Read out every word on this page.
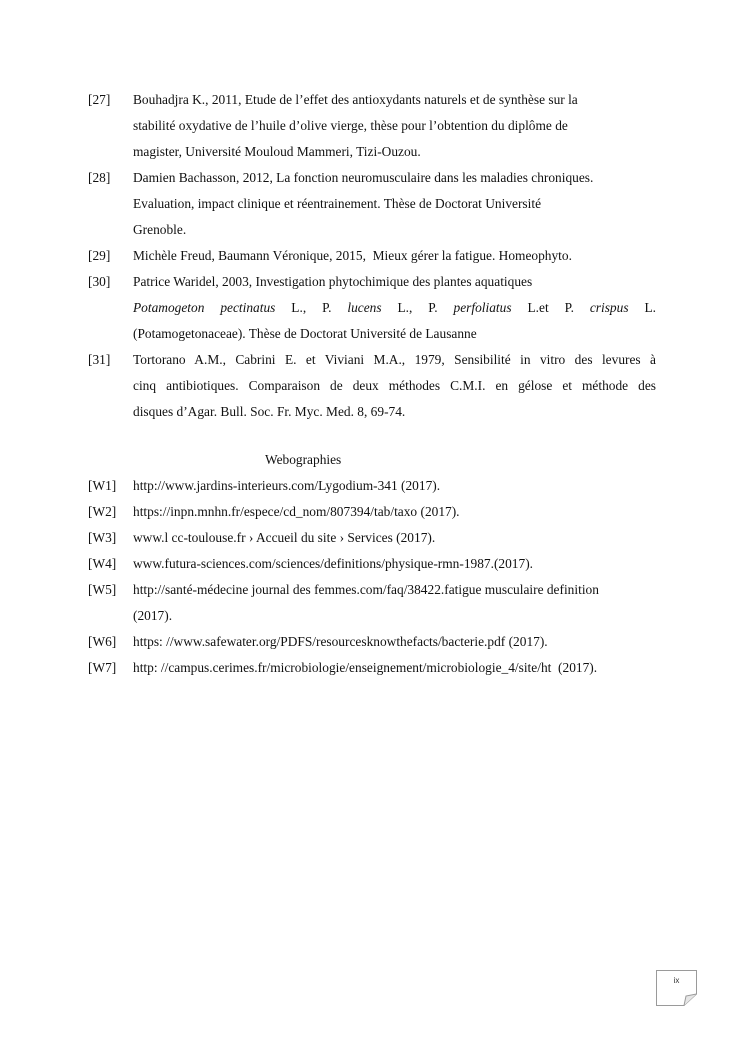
[27]	Bouhadjra K., 2011, Etude de l’effet des antioxydants naturels et de synthèse sur la
stabilité oxydative de l’huile d’olive vierge, thèse pour l’obtention du diplôme de
magister, Université Mouloud Mammeri, Tizi-Ouzou.
[28]	Damien Bachasson, 2012, La fonction neuromusculaire dans les maladies chroniques.
Evaluation, impact clinique et réentrainement. Thèse de Doctorat Université
Grenoble.
[29]	Michèle Freud, Baumann Véronique, 2015,  Mieux gérer la fatigue. Homeophyto.
[30]	Patrice Waridel, 2003, Investigation phytochimique des plantes aquatiques
Potamogeton pectinatus L., P. lucens L., P. perfoliatus L.et P. crispus L.
(Potamogetonaceae). Thèse de Doctorat Université de Lausanne
[31]	Tortorano A.M., Cabrini E. et Viviani M.A., 1979, Sensibilité in vitro des levures à
cinq antibiotiques. Comparaison de deux méthodes C.M.I. en gélose et méthode des
disques d’Agar. Bull. Soc. Fr. Myc. Med. 8, 69-74.
Webographies
[W1]	http://www.jardins-interieurs.com/Lygodium-341 (2017).
[W2]	https://inpn.mnhn.fr/espece/cd_nom/807394/tab/taxo (2017).
[W3]	www.l cc-toulouse.fr › Accueil du site › Services (2017).
[W4]	www.futura-sciences.com/sciences/definitions/physique-rmn-1987.(2017).
[W5]	http://santé-médecine journal des femmes.com/faq/38422.fatigue musculaire definition
(2017).
[W6]	https: //www.safewater.org/PDFS/resourcesknowthefacts/bacterie.pdf (2017).
[W7]	http: //campus.cerimes.fr/microbiologie/enseignement/microbiologie_4/site/ht  (2017).
ix
